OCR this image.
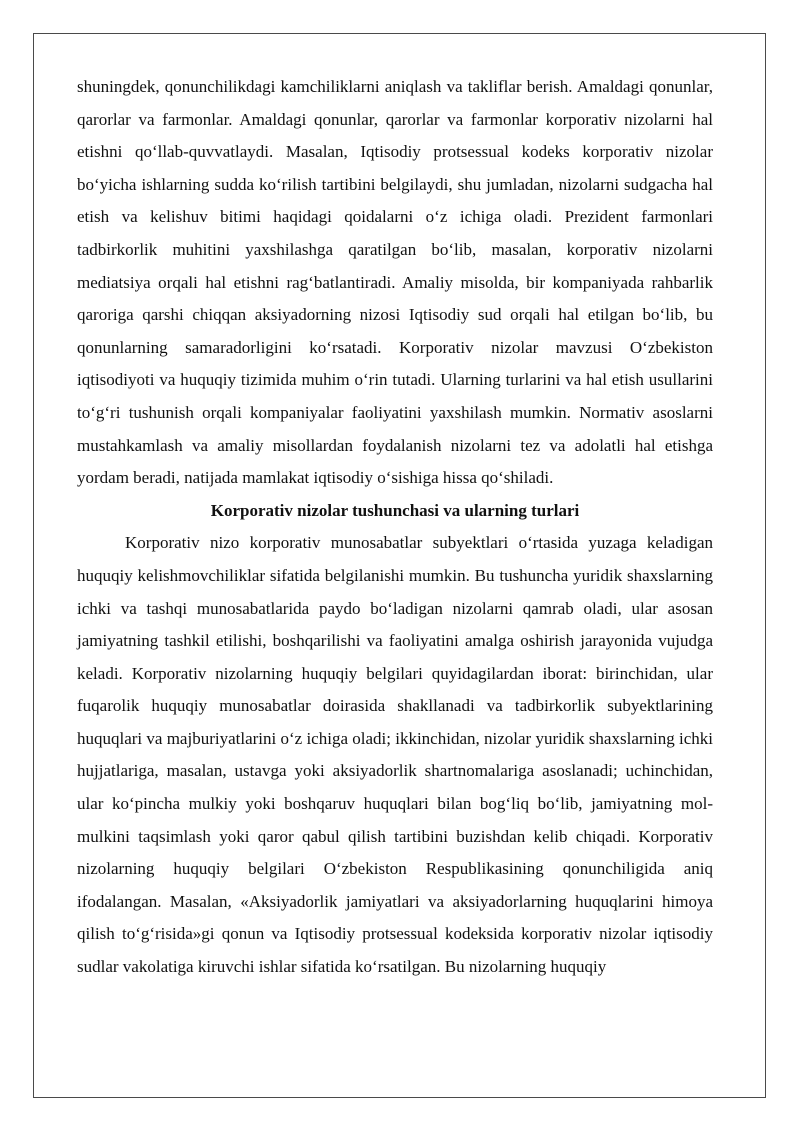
shuningdek, qonunchilikdagi kamchiliklarni aniqlash va takliflar berish. Amaldagi qonunlar, qarorlar va farmonlar. Amaldagi qonunlar, qarorlar va farmonlar korporativ nizolarni hal etishni qo‘llab-quvvatlaydi. Masalan, Iqtisodiy protsessual kodeks korporativ nizolar bo‘yicha ishlarning sudda ko‘rilish tartibini belgilaydi, shu jumladan, nizolarni sudgacha hal etish va kelishuv bitimi haqidagi qoidalarni o‘z ichiga oladi. Prezident farmonlari tadbirkorlik muhitini yaxshilashga qaratilgan bo‘lib, masalan, korporativ nizolarni mediatsiya orqali hal etishni rag‘batlantiradi. Amaliy misolda, bir kompaniyada rahbarlik qaroriga qarshi chiqqan aksiyadorning nizosi Iqtisodiy sud orqali hal etilgan bo‘lib, bu qonunlarning samaradorligini ko‘rsatadi. Korporativ nizolar mavzusi O‘zbekiston iqtisodiyoti va huquqiy tizimida muhim o‘rin tutadi. Ularning turlarini va hal etish usullarini to‘g‘ri tushunish orqali kompaniyalar faoliyatini yaxshilash mumkin. Normativ asoslarni mustahkamlash va amaliy misollardan foydalanish nizolarni tez va adolatli hal etishga yordam beradi, natijada mamlakat iqtisodiy o‘sishiga hissa qo‘shiladi.

Korporativ nizolar tushunchasi va ularning turlari

Korporativ nizo korporativ munosabatlar subyektlari o‘rtasida yuzaga keladigan huquqiy kelishmovchiliklar sifatida belgilanishi mumkin. Bu tushuncha yuridik shaxslarning ichki va tashqi munosabatlarida paydo bo‘ladigan nizolarni qamrab oladi, ular asosan jamiyatning tashkil etilishi, boshqarilishi va faoliyatini amalga oshirish jarayonida vujudga keladi. Korporativ nizolarning huquqiy belgilari quyidagilardan iborat: birinchidan, ular fuqarolik huquqiy munosabatlar doirasida shakllanadi va tadbirkorlik subyektlarining huquqlari va majburiyatlarini o‘z ichiga oladi; ikkinchidan, nizolar yuridik shaxslarning ichki hujjatlariga, masalan, ustavga yoki aksiyadorlik shartnomalariga asoslanadi; uchinchidan, ular ko‘pincha mulkiy yoki boshqaruv huquqlari bilan bog‘liq bo‘lib, jamiyatning mol-mulkini taqsimlash yoki qaror qabul qilish tartibini buzishdan kelib chiqadi. Korporativ nizolarning huquqiy belgilari O‘zbekiston Respublikasining qonunchiligida aniq ifodalangan. Masalan, «Aksiyadorlik jamiyatlari va aksiyadorlarning huquqlarini himoya qilish to‘g‘risida»gi qonun va Iqtisodiy protsessual kodeksida korporativ nizolar iqtisodiy sudlar vakolatiga kiruvchi ishlar sifatida ko‘rsatilgan. Bu nizolarning huquqiy
